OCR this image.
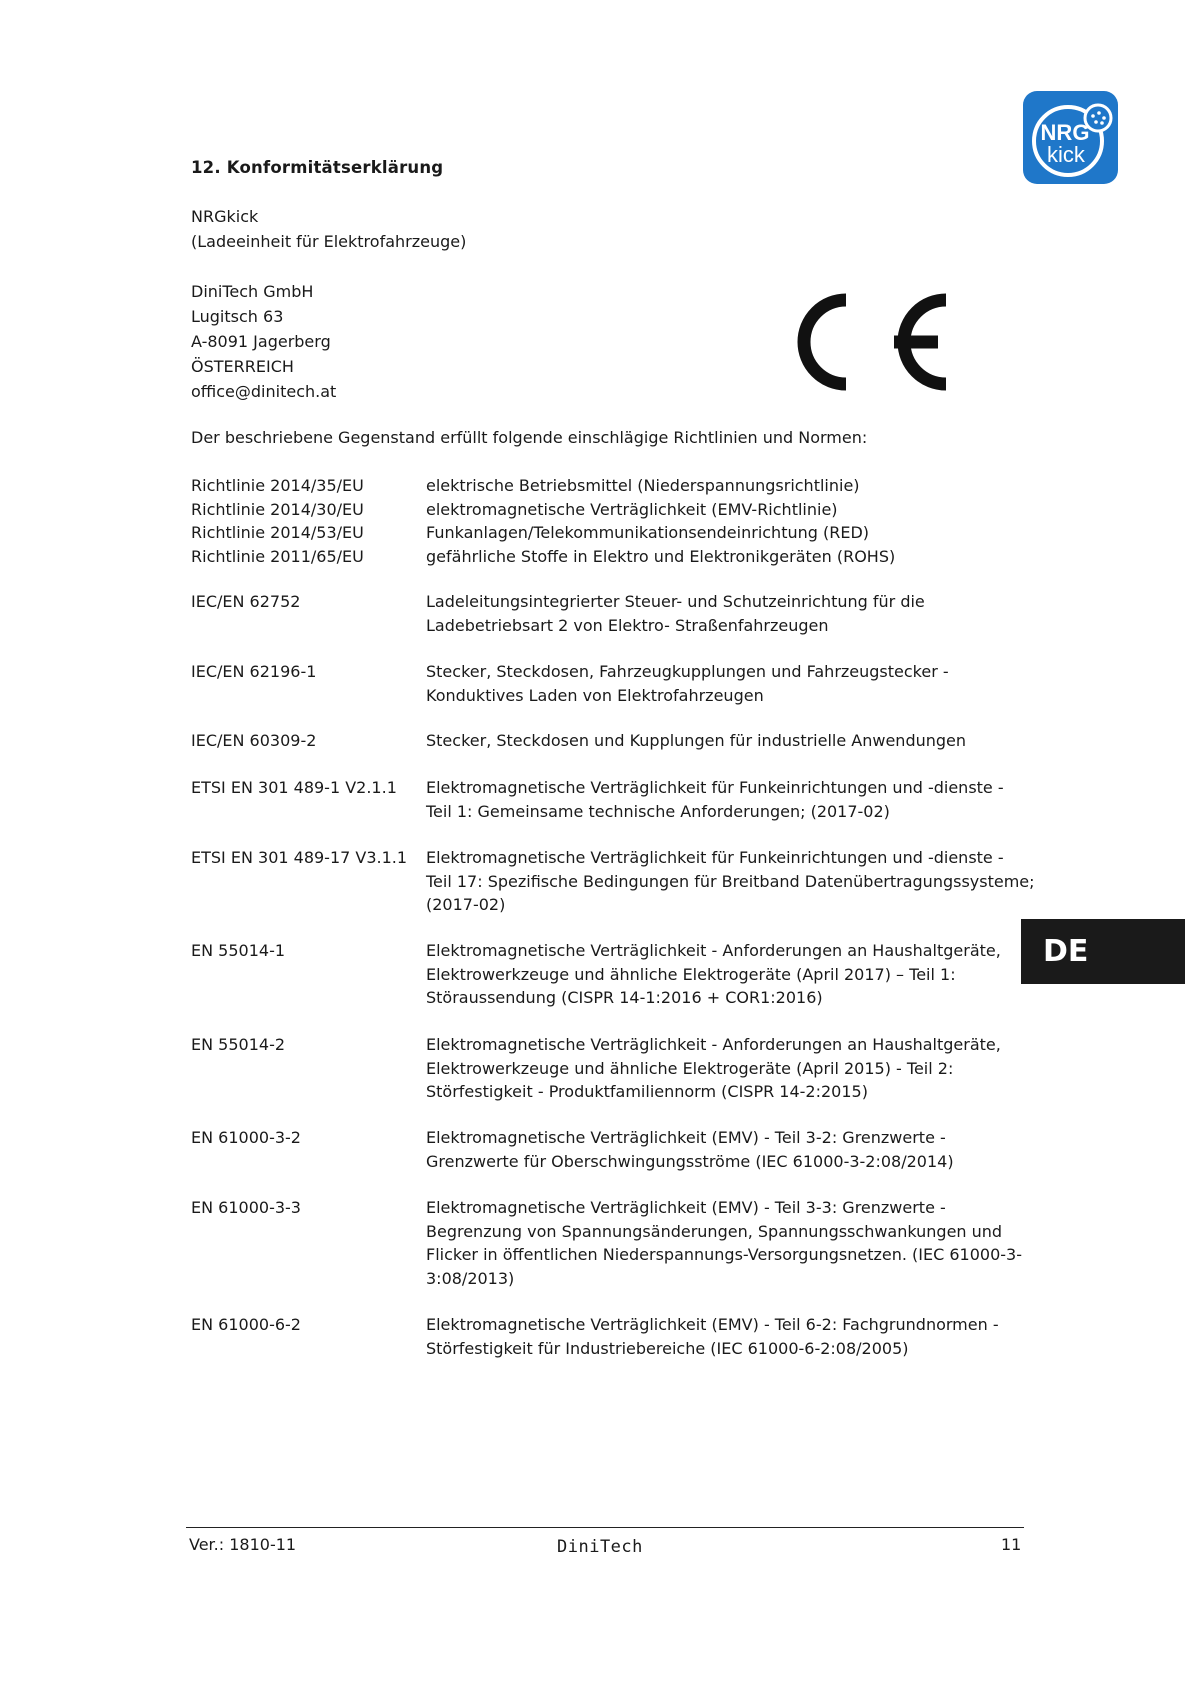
NRG
kick
12. Konformitätserklärung
NRGkick
(Ladeeinheit für Elektrofahrzeuge)
DiniTech GmbH
Lugitsch 63
A-8091 Jagerberg
ÖSTERREICH
office@dinitech.at
Der beschriebene Gegenstand erfüllt folgende einschlägige Richtlinien und Normen:
Richtlinie 2014/35/EU	elektrische Betriebsmittel (Niederspannungsrichtlinie)
Richtlinie 2014/30/EU	elektromagnetische Verträglichkeit (EMV-Richtlinie)
Richtlinie 2014/53/EU	Funkanlagen/Telekommunikationsendeinrichtung (RED)
Richtlinie 2011/65/EU	gefährliche Stoffe in Elektro und Elektronikgeräten (ROHS)
IEC/EN 62752	Ladeleitungsintegrierter Steuer- und Schutzeinrichtung für die
Ladebetriebsart 2 von Elektro- Straßenfahrzeugen
IEC/EN 62196-1	Stecker, Steckdosen, Fahrzeugkupplungen und Fahrzeugstecker -
Konduktives Laden von Elektrofahrzeugen
IEC/EN 60309-2	Stecker, Steckdosen und Kupplungen für industrielle Anwendungen
ETSI EN 301 489-1 V2.1.1	Elektromagnetische Verträglichkeit für Funkeinrichtungen und -dienste -
Teil 1: Gemeinsame technische Anforderungen; (2017-02)
ETSI EN 301 489-17 V3.1.1	Elektromagnetische Verträglichkeit für Funkeinrichtungen und -dienste -
Teil 17: Spezifische Bedingungen für Breitband Datenübertragungssysteme;
(2017-02)
EN 55014-1	Elektromagnetische Verträglichkeit - Anforderungen an Haushaltgeräte,
Elektrowerkzeuge und ähnliche Elektrogeräte (April 2017) – Teil 1:
Störaussendung (CISPR 14-1:2016 + COR1:2016)
EN 55014-2	Elektromagnetische Verträglichkeit - Anforderungen an Haushaltgeräte,
Elektrowerkzeuge und ähnliche Elektrogeräte (April 2015) - Teil 2:
Störfestigkeit - Produktfamiliennorm (CISPR 14-2:2015)
EN 61000-3-2	Elektromagnetische Verträglichkeit (EMV) - Teil 3-2: Grenzwerte -
Grenzwerte für Oberschwingungsströme (IEC 61000-3-2:08/2014)
EN 61000-3-3	Elektromagnetische Verträglichkeit (EMV) - Teil 3-3: Grenzwerte -
Begrenzung von Spannungsänderungen, Spannungsschwankungen und
Flicker in öffentlichen Niederspannungs-Versorgungsnetzen. (IEC 61000-3-
3:08/2013)
EN 61000-6-2	Elektromagnetische Verträglichkeit (EMV) - Teil 6-2: Fachgrundnormen -
Störfestigkeit für Industriebereiche (IEC 61000-6-2:08/2005)
DE
Ver.: 1810-11	DiniTech	11
